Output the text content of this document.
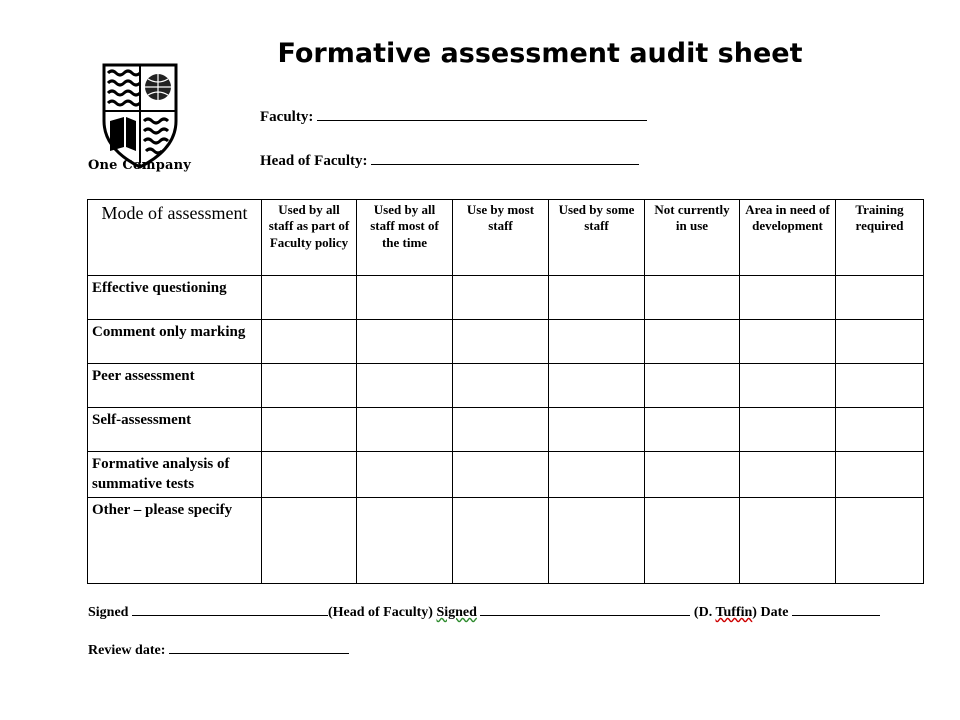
One Company
Formative assessment audit sheet
Faculty:
Head of Faculty:
Mode of assessment	Used by all staff as part of Faculty policy	Used by all staff most of the time	Use by most staff	Used by some staff	Not currently in use	Area in need of development	Training required
Effective questioning							
Comment only marking							
Peer assessment							
Self-assessment							
Formative analysis of summative tests							
Other – please specify							
Signed	(Head of Faculty) Signed	(D. Tuffin) Date
Review date:
